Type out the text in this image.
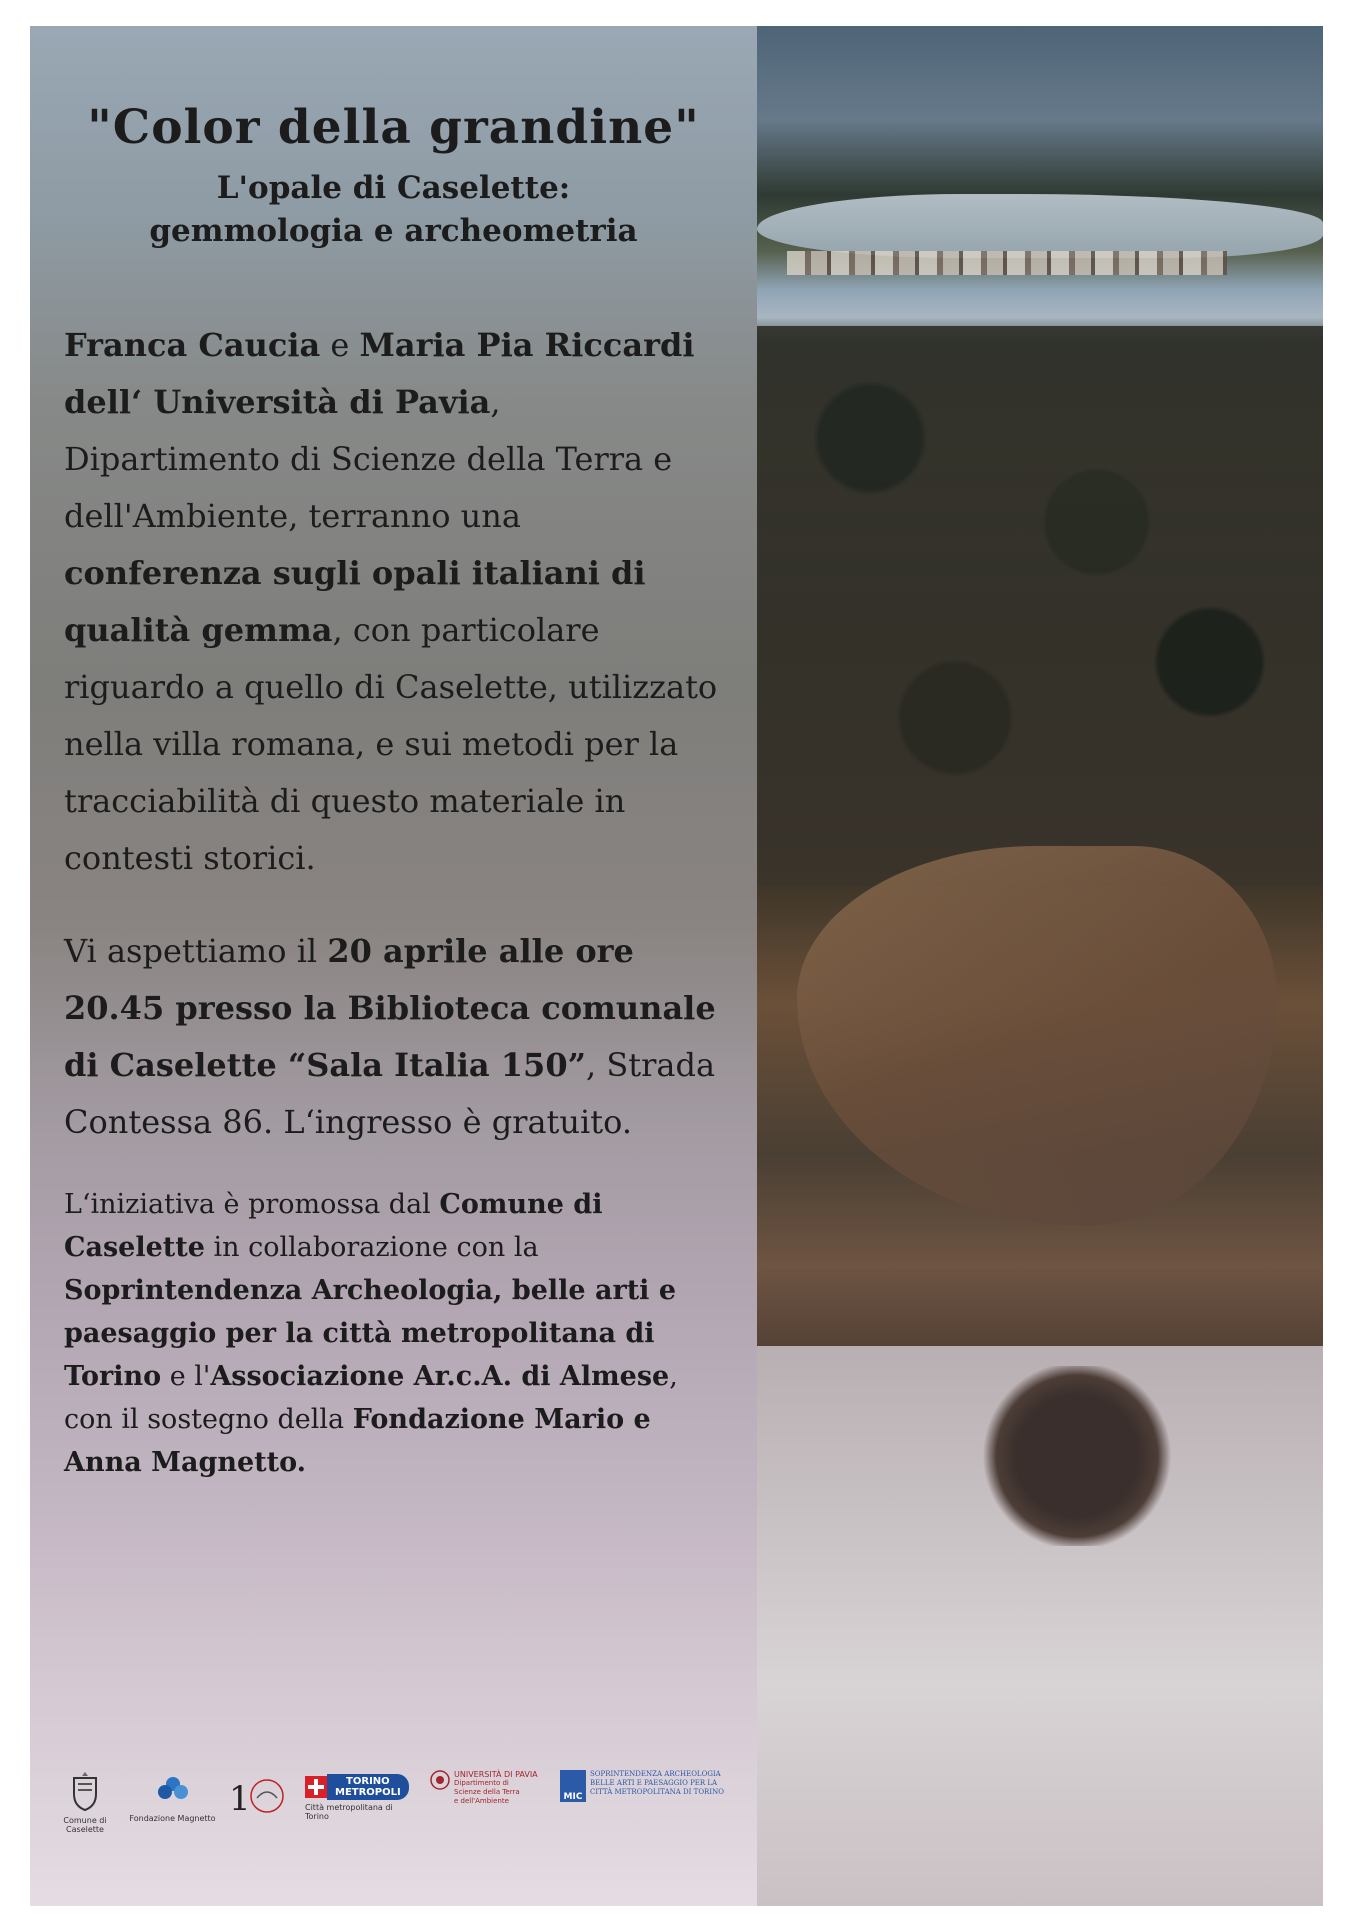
"Color della grandine"
L'opale di Caselette:
gemmologia e archeometria

Franca Caucia e Maria Pia Riccardi dell‘ Università di Pavia, Dipartimento di Scienze della Terra e dell'Ambiente, terranno una conferenza sugli opali italiani di qualità gemma, con particolare riguardo a quello di Caselette, utilizzato nella villa romana, e sui metodi per la tracciabilità di questo materiale in contesti storici.

Vi aspettiamo il 20 aprile alle ore 20.45 presso la Biblioteca comunale di Caselette “Sala Italia 150”, Strada Contessa 86. L‘ingresso è gratuito.

L‘iniziativa è promossa dal Comune di Caselette in collaborazione con la Soprintendenza Archeologia, belle arti e paesaggio per la città metropolitana di Torino e l'Associazione Ar.c.A. di Almese, con il sostegno della Fondazione Mario e Anna Magnetto.

Comune di Caselette
Fondazione Magnetto 1	TORINO
METROPOLI
Città metropolitana di Torino
UNIVERSITÀ DI PAVIA
Dipartimento di Scienze della Terra e dell'Ambiente	MIC
SOPRINTENDENZA ARCHEOLOGIA BELLE ARTI E PAESAGGIO PER LA CITTÀ METROPOLITANA DI TORINO
